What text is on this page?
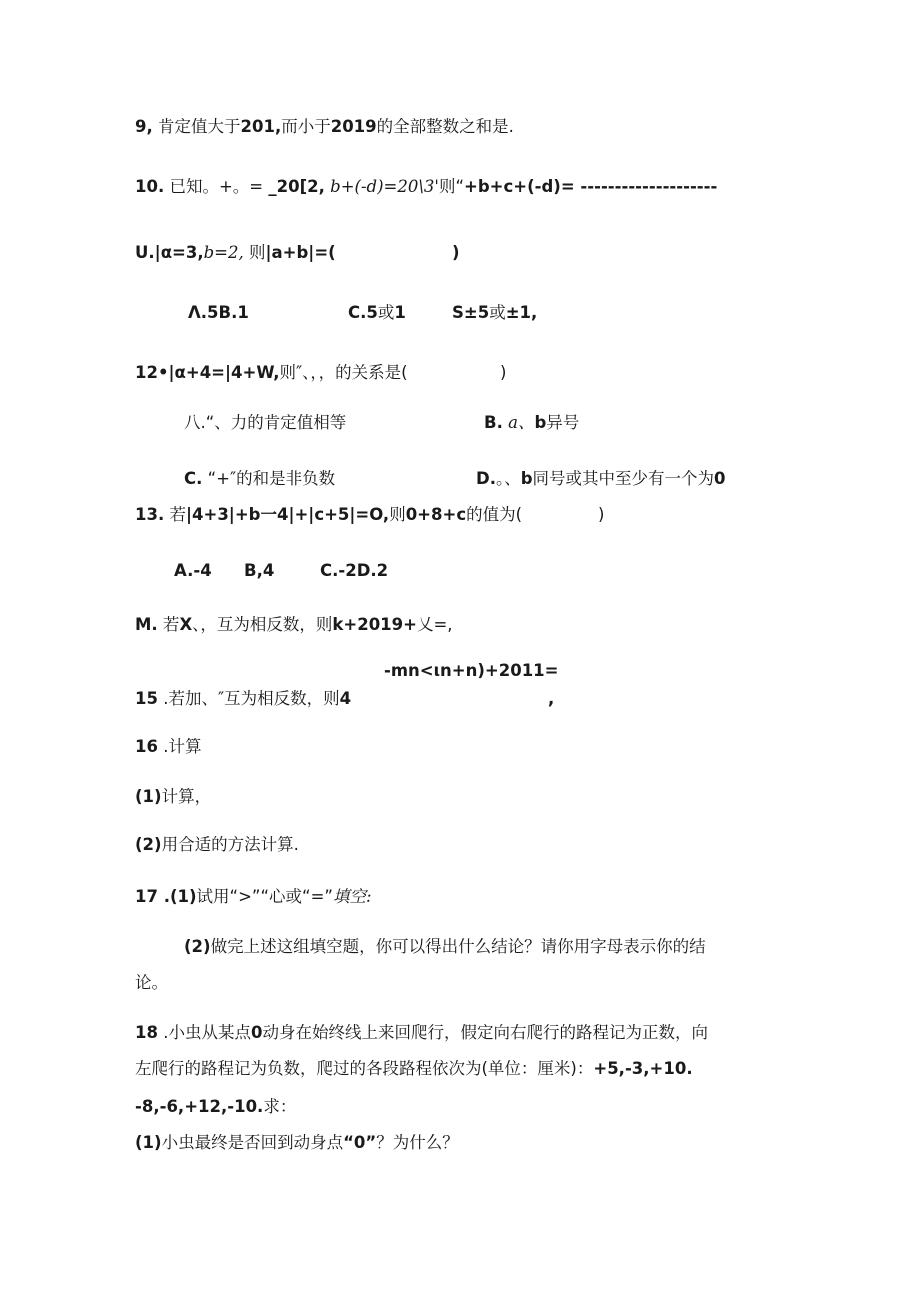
9, 肯定值大于201,而小于2019的全部整数之和是.
10. 已知。+。= _20[2, b+(-d)=20\3'则“+b+c+(-d)= --------------------
U.|α=3,b=2, 则|a+b|=(	)
Λ.5B.1	C.5或1	S±5或±1,
12•|α+4=|4+W,则″、，，的关系是(	)
八.“、力的肯定值相等	B. a、b异号
C. “+″的和是非负数	D.。、b同号或其中至少有一个为0
13. 若|4+3|+b一4|+|c+5|=O,则0+8+c的值为(	)
A.-4 B,4	C.-2D.2
M. 若X、，互为相反数，则k+2019+乂=,
-mn<ιn+n)+2011=
15 .若加、″互为相反数，则4	,
16 .计算
(1)计算，
(2)用合适的方法计算.
17 .(1)试用“>”“心或“=”填空:
(2)做完上述这组填空题，你可以得出什么结论？请你用字母表示你的结
论。
18 .小虫从某点0动身在始终线上来回爬行，假定向右爬行的路程记为正数，向
左爬行的路程记为负数，爬过的各段路程依次为(单位：厘米)：+5,-3,+10.
-8,-6,+12,-10.求：
(1)小虫最终是否回到动身点“0”？为什么？
